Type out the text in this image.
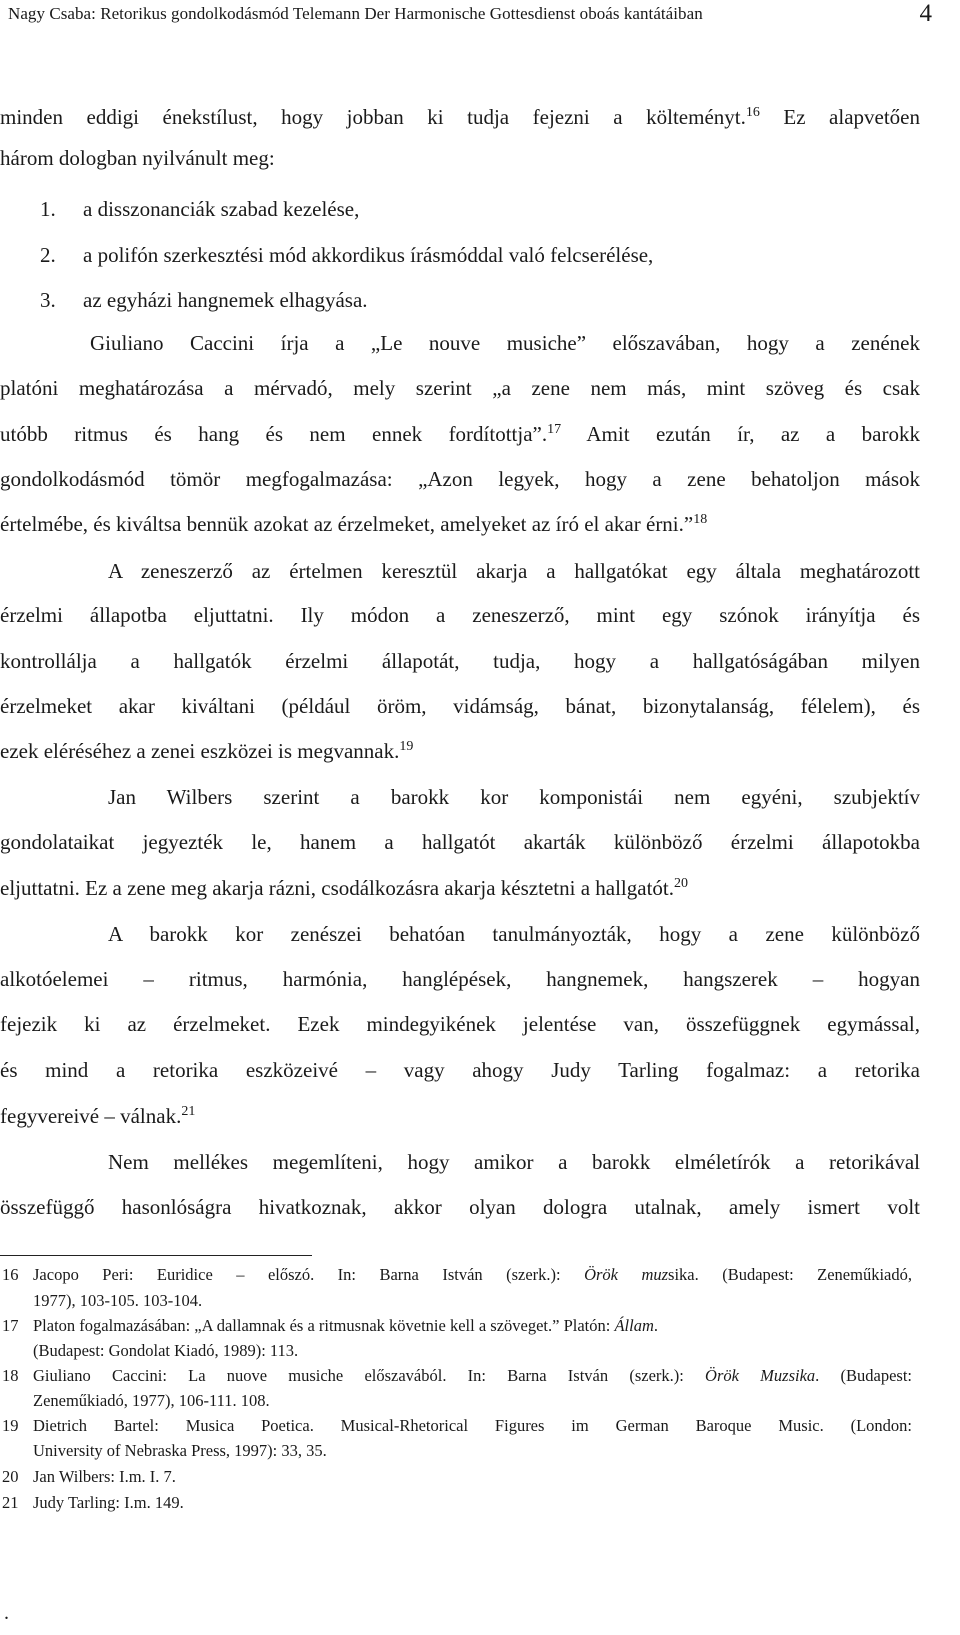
Nagy Csaba: Retorikus gondolkodásmód Telemann Der Harmonische Gottesdienst oboás kantátáiban	4
minden eddigi énekstílust, hogy jobban ki tudja fejezni a költeményt.$^{16}$ Ez alapvetően
három dologban nyilvánult meg:
1. a disszonanciák szabad kezelése,
2. a polifón szerkesztési mód akkordikus írásmóddal való felcserélése,
3. az egyházi hangnemek elhagyása.
Giuliano Caccini írja a „Le nouve musiche” előszavában, hogy a zenének
platóni meghatározása a mérvadó, mely szerint „a zene nem más, mint szöveg és csak
utóbb ritmus és hang és nem ennek fordítottja”.$^{17}$ Amit ezután ír, az a barokk
gondolkodásmód tömör megfogalmazása: „Azon legyek, hogy a zene behatoljon mások
értelmébe, és kiváltsa bennük azokat az érzelmeket, amelyeket az író el akar érni.”$^{18}$
A zeneszerző az értelmen keresztül akarja a hallgatókat egy általa meghatározott
érzelmi állapotba eljuttatni. Ily módon a zeneszerző, mint egy szónok irányítja és
kontrollálja a hallgatók érzelmi állapotát, tudja, hogy a hallgatóságában milyen
érzelmeket akar kiváltani (például öröm, vidámság, bánat, bizonytalanság, félelem), és
ezek eléréséhez a zenei eszközei is megvannak.$^{19}$
Jan Wilbers szerint a barokk kor komponistái nem egyéni, szubjektív
gondolataikat jegyezték le, hanem a hallgatót akarták különböző érzelmi állapotokba
eljuttatni. Ez a zene meg akarja rázni, csodálkozásra akarja késztetni a hallgatót.$^{20}$
A barokk kor zenészei behatóan tanulmányozták, hogy a zene különböző
alkotóelemei – ritmus, harmónia, hanglépések, hangnemek, hangszerek – hogyan
fejezik ki az érzelmeket. Ezek mindegyikének jelentése van, összefüggnek egymással,
és mind a retorika eszközeivé – vagy ahogy Judy Tarling fogalmaz: a retorika
fegyvereivé – válnak.$^{21}$
Nem mellékes megemlíteni, hogy amikor a barokk elméletírók a retorikával
összefüggő hasonlóságra hivatkoznak, akkor olyan dologra utalnak, amely ismert volt
16 Jacopo Peri: Euridice – előszó. In: Barna István (szerk.): Örök muzsika. (Budapest: Zeneműkiadó,
1977), 103-105. 103-104.
17 Platon fogalmazásában: „A dallamnak és a ritmusnak követnie kell a szöveget.” Platón: Állam.
(Budapest: Gondolat Kiadó, 1989): 113.
18 Giuliano Caccini: La nuove musiche előszavából. In: Barna István (szerk.): Örök Muzsika. (Budapest:
Zeneműkiadó, 1977), 106-111. 108.
19 Dietrich Bartel: Musica Poetica. Musical-Rhetorical Figures im German Baroque Music. (London:
University of Nebraska Press, 1997): 33, 35.
20 Jan Wilbers: I.m. I. 7.
21 Judy Tarling: I.m. 149.
.
